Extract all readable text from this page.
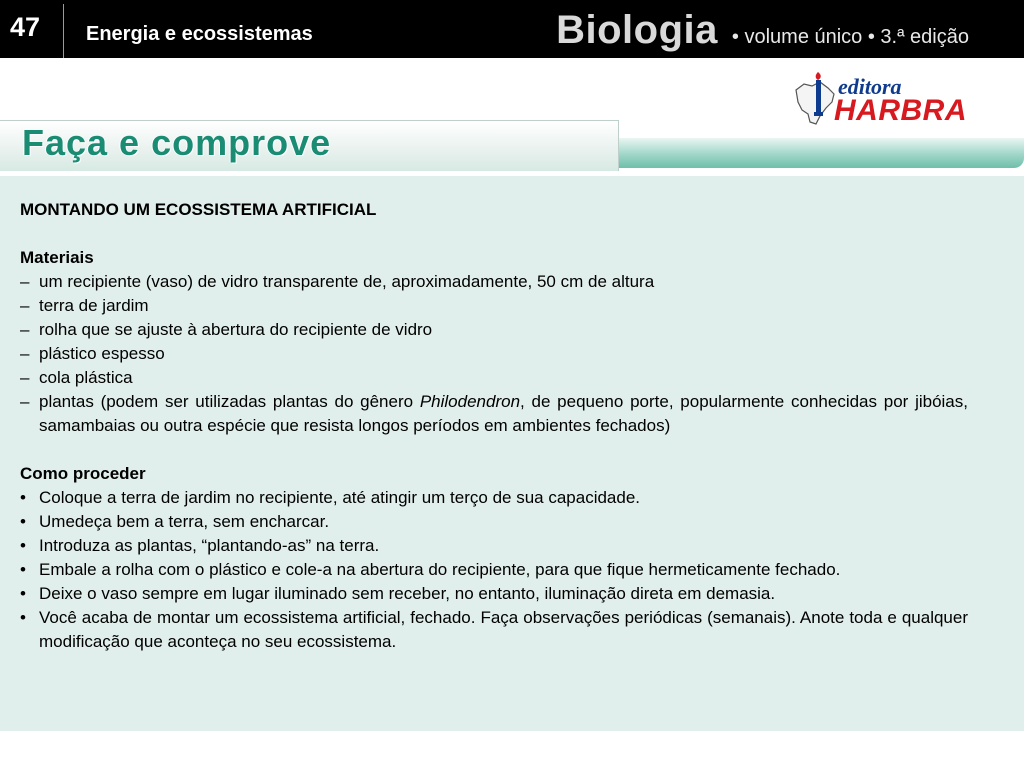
47 Energia e ecossistemas	Biologia • volume único • 3.ª edição
editora
HARBRA
Faça e comprove

MONTANDO UM ECOSSISTEMA ARTIFICIAL

Materiais

– um recipiente (vaso) de vidro transparente de, aproximadamente, 50 cm de altura
– terra de jardim
– rolha que se ajuste à abertura do recipiente de vidro
– plástico espesso
– cola plástica
– plantas (podem ser utilizadas plantas do gênero Philodendron, de pequeno porte, popularmente conhecidas por jibóias, samambaias ou outra espécie que resista longos períodos em ambientes fechados)

Como proceder

• Coloque a terra de jardim no recipiente, até atingir um terço de sua capacidade.
• Umedeça bem a terra, sem encharcar.
• Introduza as plantas, “plantando-as” na terra.
• Embale a rolha com o plástico e cole-a na abertura do recipiente, para que fique hermeticamente fechado.
• Deixe o vaso sempre em lugar iluminado sem receber, no entanto, iluminação direta em demasia.
• Você acaba de montar um ecossistema artificial, fechado. Faça observações periódicas (semanais). Anote toda e qualquer modificação que aconteça no seu ecossistema.
